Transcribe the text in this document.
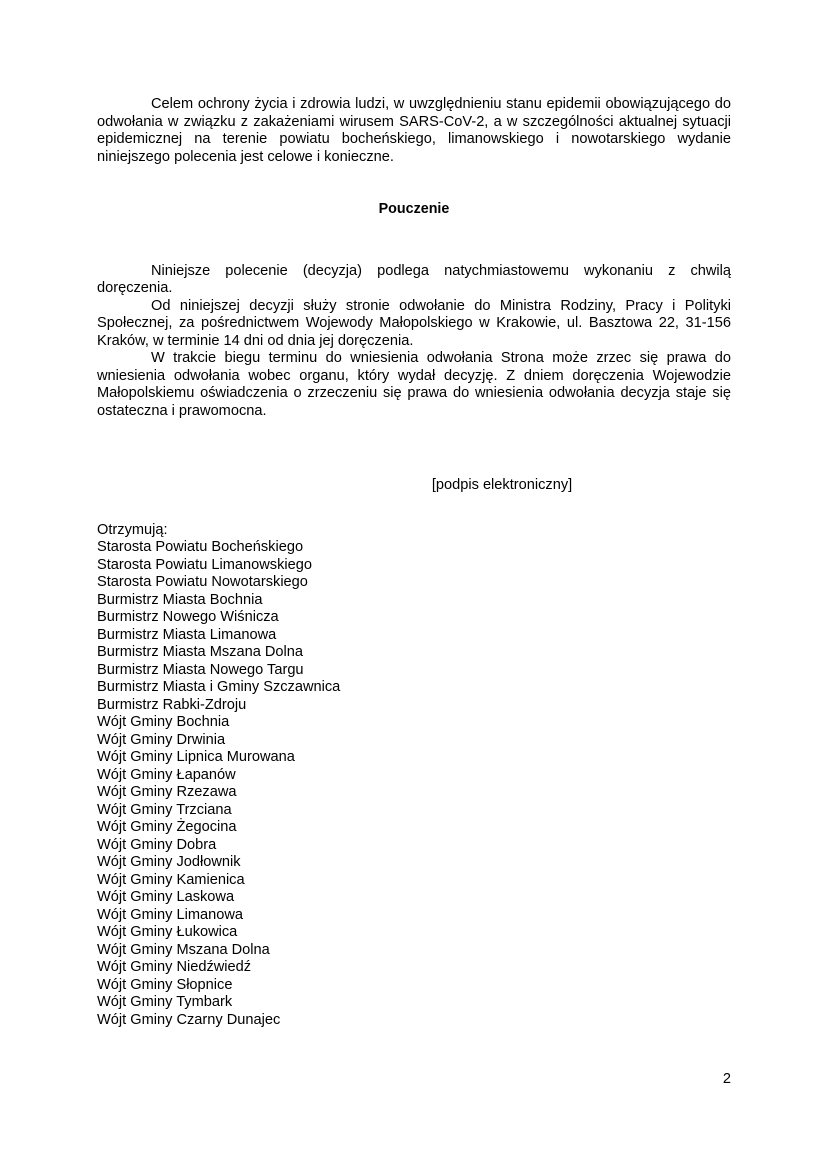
Celem ochrony życia i zdrowia ludzi, w uwzględnieniu stanu epidemii obowiązującego do odwołania w związku z zakażeniami wirusem SARS-CoV-2, a w szczególności aktualnej sytuacji epidemicznej na terenie powiatu bocheńskiego, limanowskiego i nowotarskiego wydanie niniejszego polecenia jest celowe i konieczne.

Pouczenie

Niniejsze polecenie (decyzja) podlega natychmiastowemu wykonaniu z chwilą doręczenia.

Od niniejszej decyzji służy stronie odwołanie do Ministra Rodziny, Pracy i Polityki Społecznej, za pośrednictwem Wojewody Małopolskiego w Krakowie, ul. Basztowa 22, 31-156 Kraków, w terminie 14 dni od dnia jej doręczenia.

W trakcie biegu terminu do wniesienia odwołania Strona może zrzec się prawa do wniesienia odwołania wobec organu, który wydał decyzję. Z dniem doręczenia Wojewodzie Małopolskiemu oświadczenia o zrzeczeniu się prawa do wniesienia odwołania decyzja staje się ostateczna i prawomocna.

[podpis elektroniczny]

Otrzymują:
Starosta Powiatu Bocheńskiego
Starosta Powiatu Limanowskiego
Starosta Powiatu Nowotarskiego
Burmistrz Miasta Bochnia
Burmistrz Nowego Wiśnicza
Burmistrz Miasta Limanowa
Burmistrz Miasta Mszana Dolna
Burmistrz Miasta Nowego Targu
Burmistrz Miasta i Gminy Szczawnica
Burmistrz Rabki-Zdroju
Wójt Gminy Bochnia
Wójt Gminy Drwinia
Wójt Gminy Lipnica Murowana
Wójt Gminy Łapanów
Wójt Gminy Rzezawa
Wójt Gminy Trzciana
Wójt Gminy Żegocina
Wójt Gminy Dobra
Wójt Gminy Jodłownik
Wójt Gminy Kamienica
Wójt Gminy Laskowa
Wójt Gminy Limanowa
Wójt Gminy Łukowica
Wójt Gminy Mszana Dolna
Wójt Gminy Niedźwiedź
Wójt Gminy Słopnice
Wójt Gminy Tymbark
Wójt Gminy Czarny Dunajec
2
